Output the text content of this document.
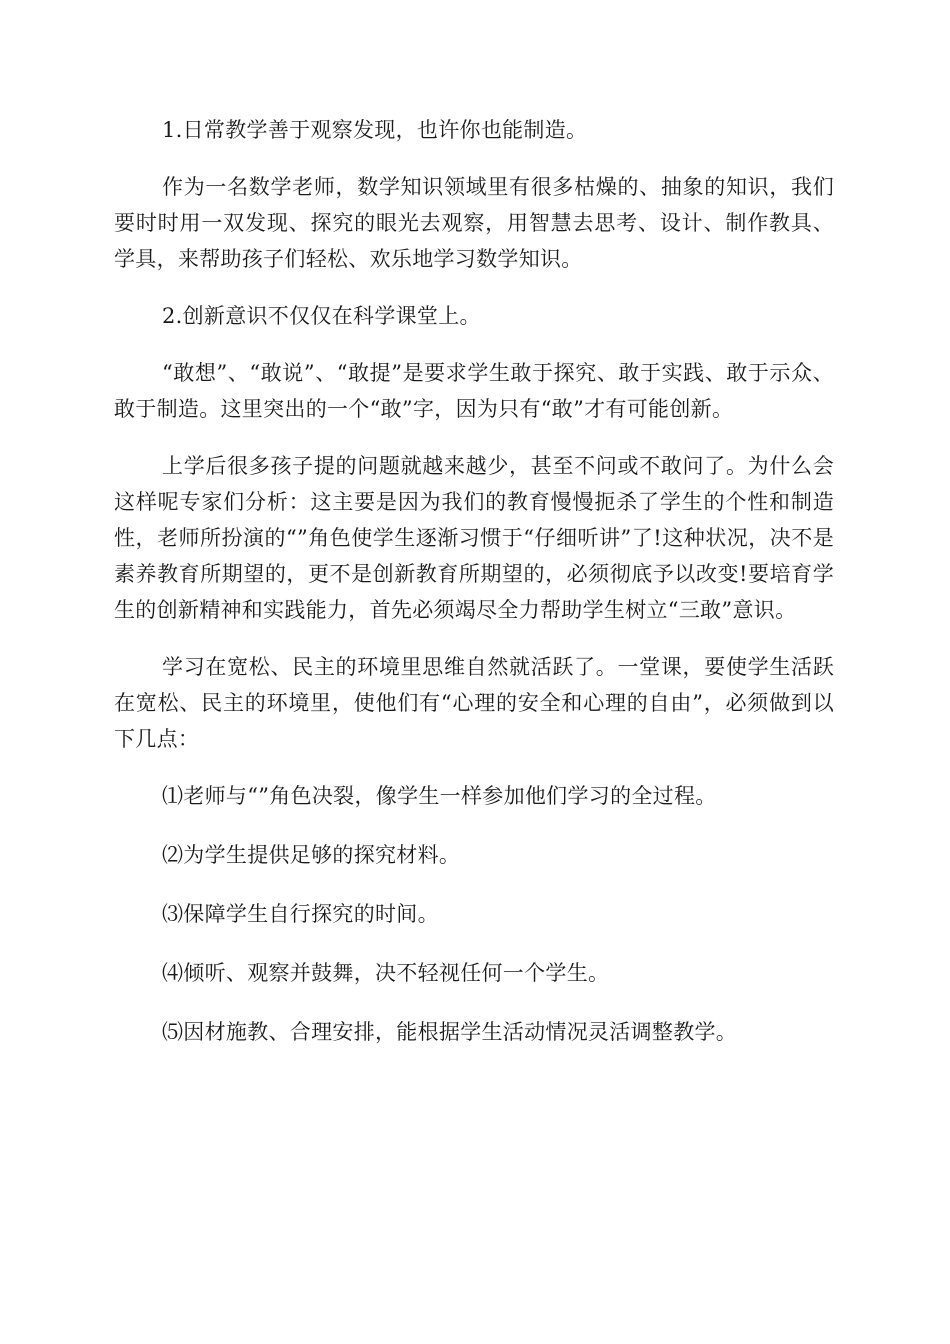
1.日常教学善于观察发现，也许你也能制造。

作为一名数学老师，数学知识领域里有很多枯燥的、抽象的知识，我们要时时用一双发现、探究的眼光去观察，用智慧去思考、设计、制作教具、学具，来帮助孩子们轻松、欢乐地学习数学知识。

2.创新意识不仅仅在科学课堂上。

“敢想”、“敢说”、“敢提”是要求学生敢于探究、敢于实践、敢于示众、敢于制造。这里突出的一个“敢”字，因为只有“敢”才有可能创新。

上学后很多孩子提的问题就越来越少，甚至不问或不敢问了。为什么会这样呢专家们分析：这主要是因为我们的教育慢慢扼杀了学生的个性和制造性，老师所扮演的“”角色使学生逐渐习惯于“仔细听讲”了!这种状况，决不是素养教育所期望的，更不是创新教育所期望的，必须彻底予以改变!要培育学生的创新精神和实践能力，首先必须竭尽全力帮助学生树立“三敢”意识。

学习在宽松、民主的环境里思维自然就活跃了。一堂课，要使学生活跃在宽松、民主的环境里，使他们有“心理的安全和心理的自由”，必须做到以下几点：

⑴老师与“”角色决裂，像学生一样参加他们学习的全过程。

⑵为学生提供足够的探究材料。

⑶保障学生自行探究的时间。

⑷倾听、观察并鼓舞，决不轻视任何一个学生。

⑸因材施教、合理安排，能根据学生活动情况灵活调整教学。
